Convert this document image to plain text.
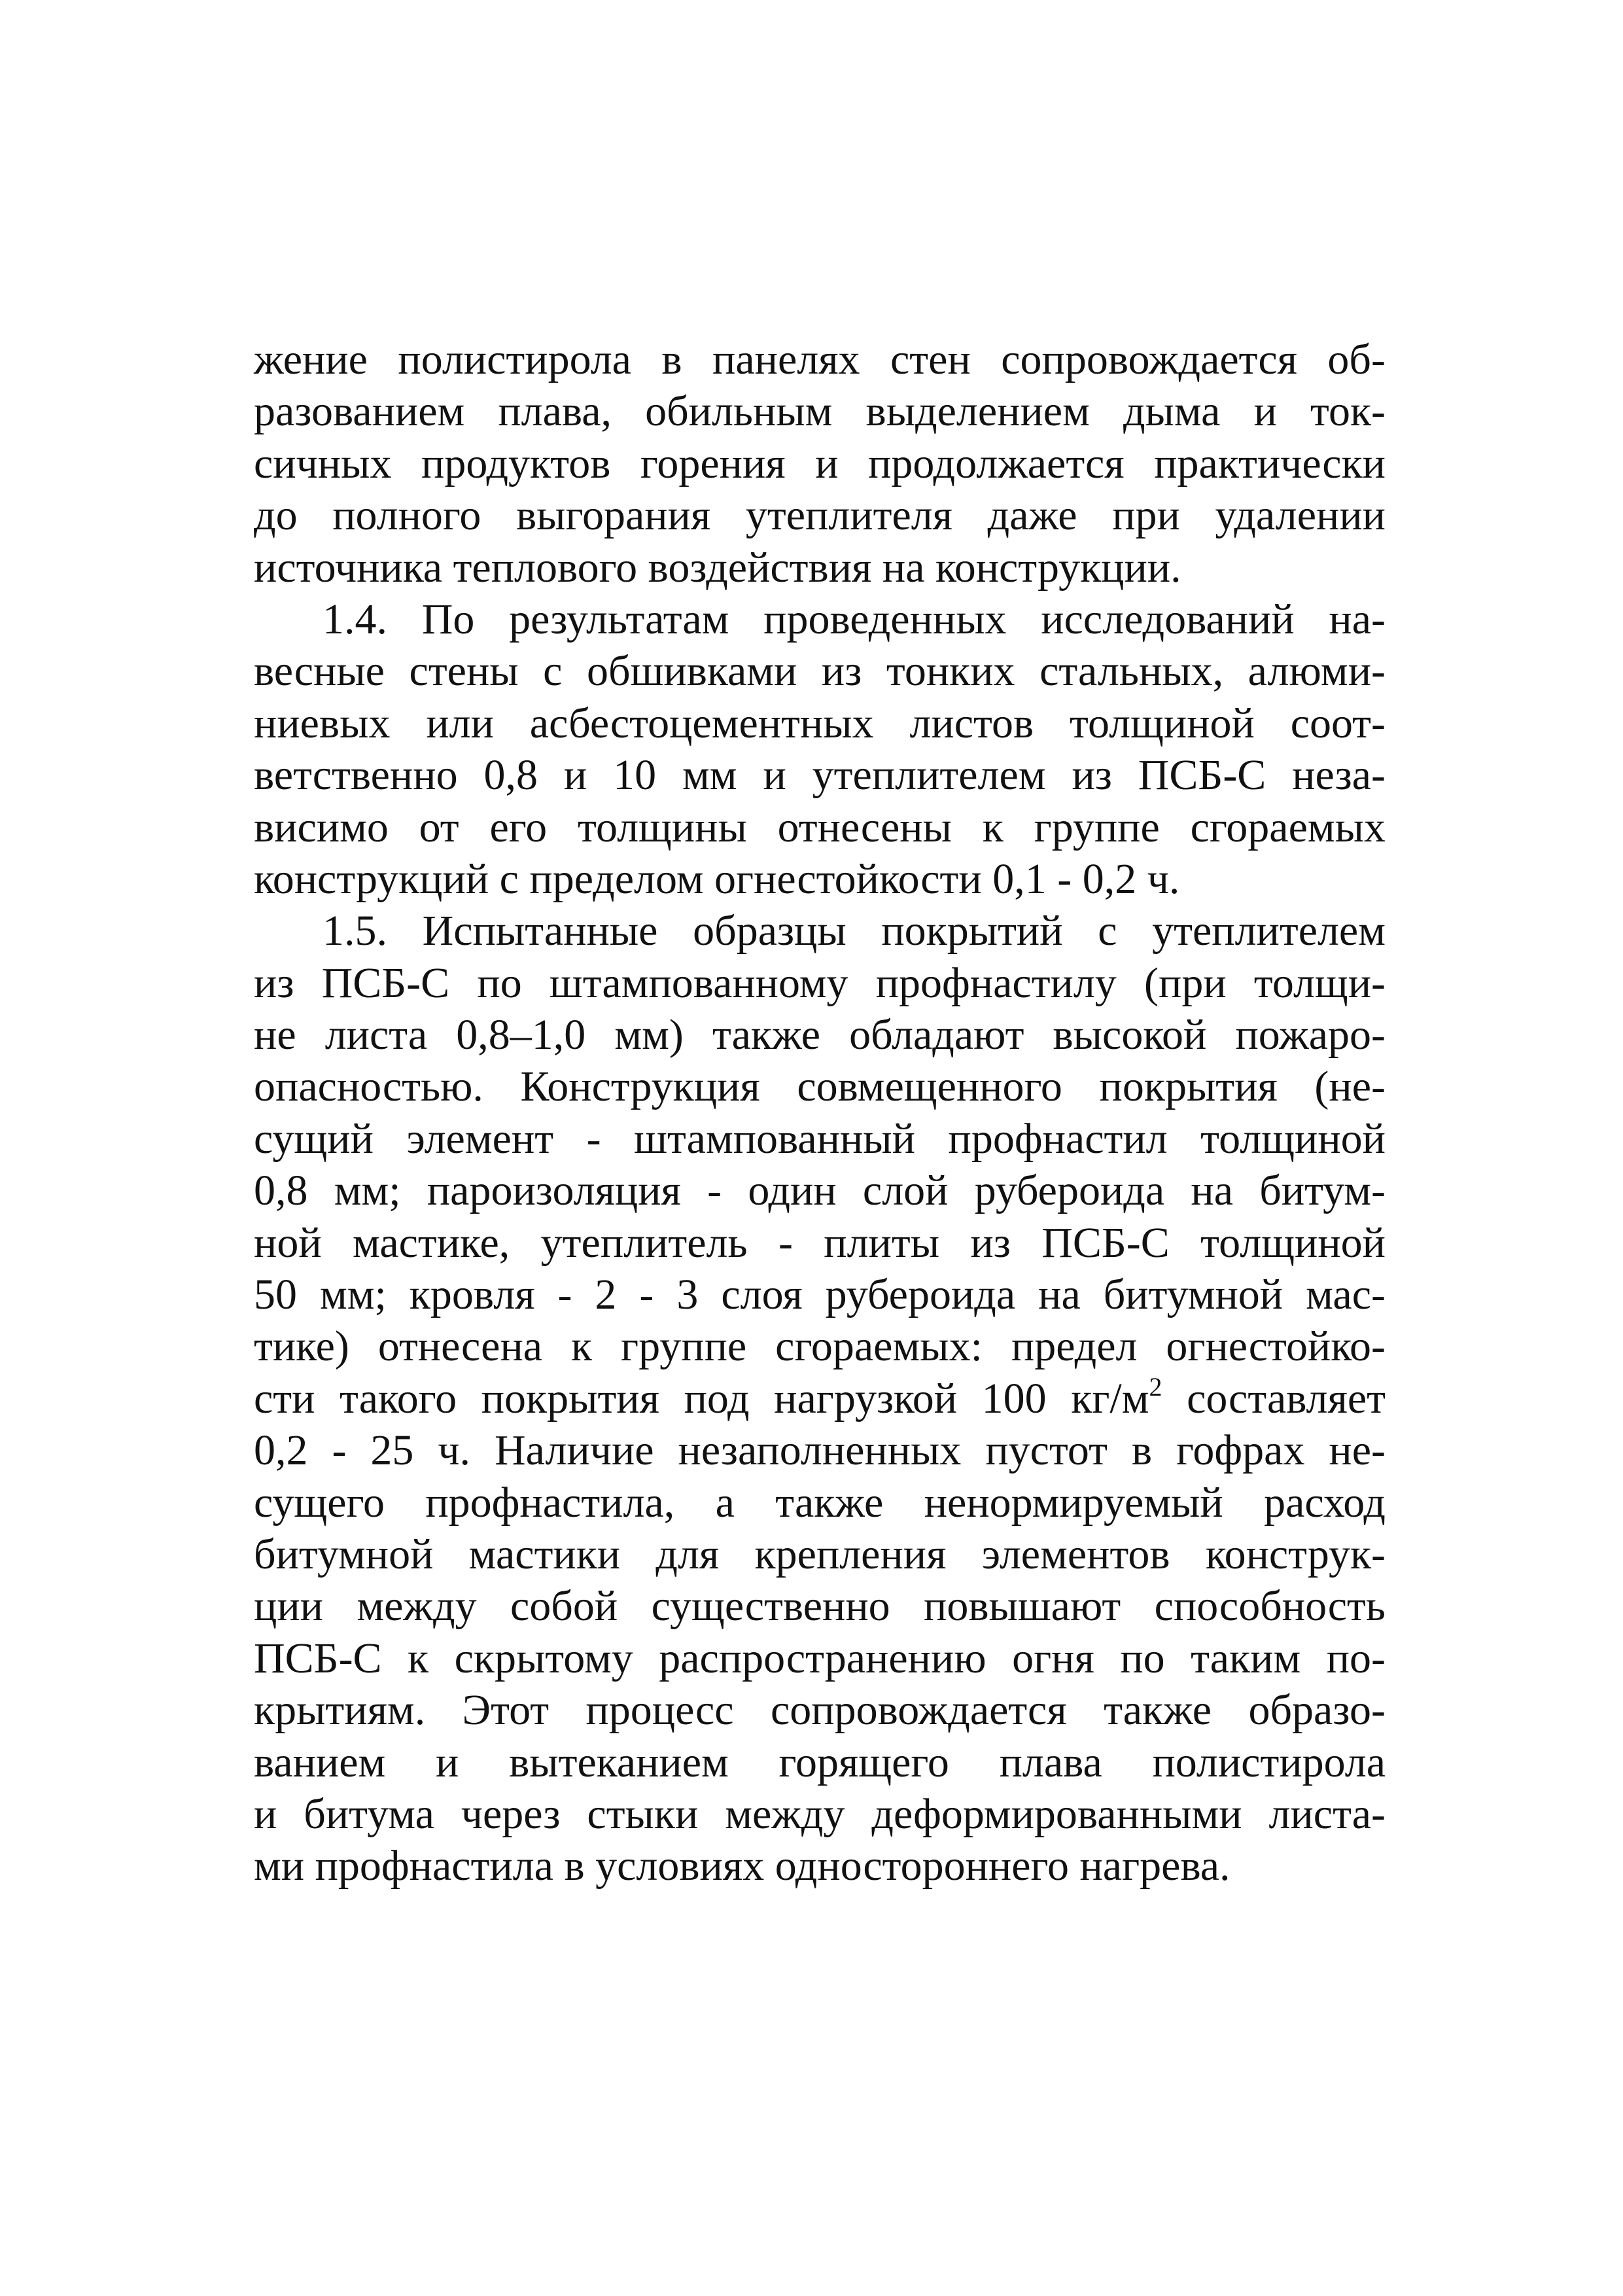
жение полистирола в панелях стен сопровождается об-
разованием плава, обильным выделением дыма и ток-
сичных продуктов горения и продолжается практически
до полного выгорания утеплителя даже при удалении
источника теплового воздействия на конструкции.
1.4. По результатам проведенных исследований на-
весные стены с обшивками из тонких стальных, алюми-
ниевых или асбестоцементных листов толщиной соот-
ветственно 0,8 и 10 мм и утеплителем из ПСБ-С неза-
висимо от его толщины отнесены к группе сгораемых
конструкций с пределом огнестойкости 0,1 - 0,2 ч.
1.5. Испытанные образцы покрытий с утеплителем
из ПСБ-С по штампованному профнастилу (при толщи-
не листа 0,8–1,0 мм) также обладают высокой пожаро-
опасностью. Конструкция совмещенного покрытия (не-
сущий элемент - штампованный профнастил толщиной
0,8 мм; пароизоляция - один слой рубероида на битум-
ной мастике, утеплитель - плиты из ПСБ-С толщиной
50 мм; кровля - 2 - 3 слоя рубероида на битумной мас-
тике) отнесена к группе сгораемых: предел огнестойко-
сти такого покрытия под нагрузкой 100 $кг/м^2$ составляет
0,2 - 25 ч. Наличие незаполненных пустот в гофрах не-
сущего профнастила, а также ненормируемый расход
битумной мастики для крепления элементов конструк-
ции между собой существенно повышают способность
ПСБ-С к скрытому распространению огня по таким по-
крытиям. Этот процесс сопровождается также образо-
ванием и вытеканием горящего плава полистирола
и битума через стыки между деформированными листа-
ми профнастила в условиях одностороннего нагрева.
